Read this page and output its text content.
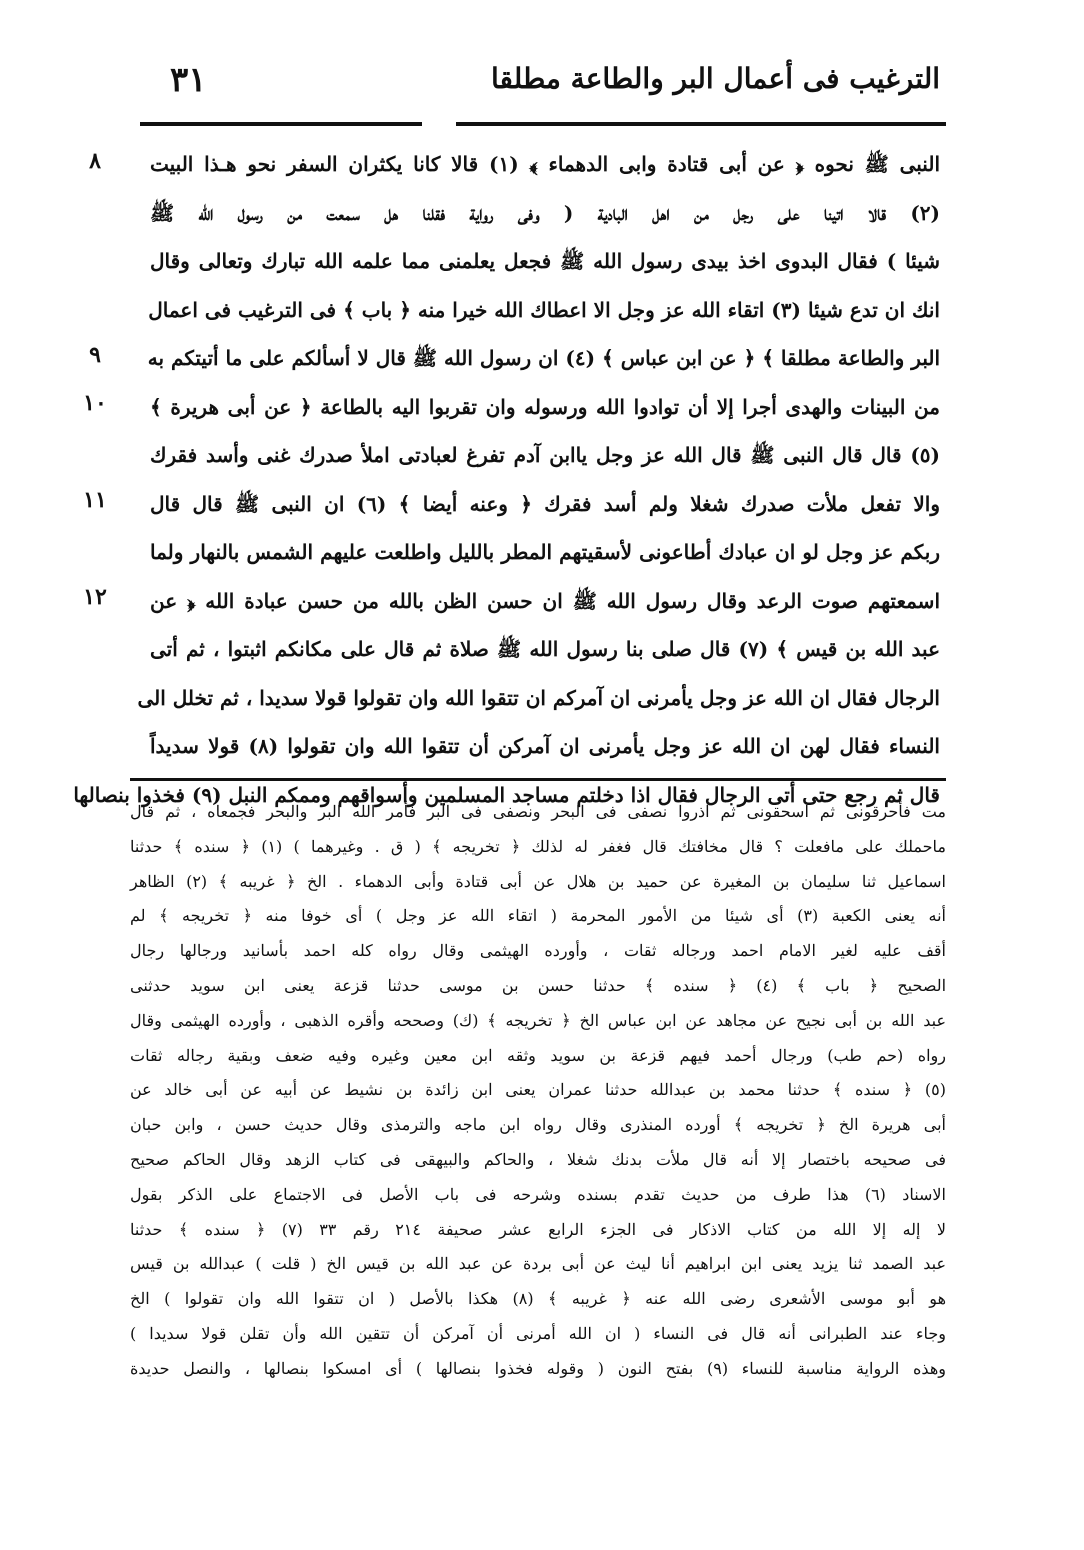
٣١	الترغيب فى أعمال البر والطاعة مطلقا
٨
٩
١٠
١١
١٢
النبى ﷺ نحوه ﴿ عن أبى قتادة وابى الدهماء ﴾ (١) قالا كانا يكثران السفر نحو هـذا البيت
(٢) قالا اتينا على رجل من اهل البادية ( وفى رواية فقلنا هل سمعت من رسول الله ﷺ
شيئا ) فقال البدوى اخذ بيدى رسول الله ﷺ فجعل يعلمنى مما علمه الله تبارك وتعالى وقال
انك ان تدع شيئا (٣) اتقاء الله عز وجل الا اعطاك الله خيرا منه ﴿ باب ﴾ فى الترغيب فى اعمال
البر والطاعة مطلقا ﴾ ﴿ عن ابن عباس ﴾ (٤) ان رسول الله ﷺ قال لا أسألكم على ما أتيتكم به
من البينات والهدى أجرا إلا أن توادوا الله ورسوله وان تقربوا اليه بالطاعة ﴿ عن أبى هريرة ﴾
(٥) قال قال النبى ﷺ قال الله عز وجل ياابن آدم تفرغ لعبادتى املأ صدرك غنى وأسد فقرك
والا تفعل ملأت صدرك شغلا ولم أسد فقرك ﴿ وعنه أيضا ﴾ (٦) ان النبى ﷺ قال قال
ربكم عز وجل لو ان عبادك أطاعونى لأسقيتهم المطر بالليل واطلعت عليهم الشمس بالنهار ولما
اسمعتهم صوت الرعد وقال رسول الله ﷺ ان حسن الظن بالله من حسن عبادة الله ﴿ عن
عبد الله بن قيس ﴾ (٧) قال صلى بنا رسول الله ﷺ صلاة ثم قال على مكانكم اثبتوا ، ثم أتى
الرجال فقال ان الله عز وجل يأمرنى ان آمركم ان تتقوا الله وان تقولوا قولا سديدا ، ثم تخلل الى
النساء فقال لهن ان الله عز وجل يأمرنى ان آمركن أن تتقوا الله وان تقولوا (٨) قولا سديداً
قال ثم رجع حتى أتى الرجال فقال اذا دخلتم مساجد المسلمين وأسواقهم وممكم النبل (٩) فخذوا بنصالها
مت فأحرقونى ثم اسحقونى ثم اذروا نصفى فى البحر ونصفى فى البر فأمر الله البر والبحر فجمعاه ، ثم قال
ماحملك على مافعلت ؟ قال مخافتك قال فغفر له لذلك ﴿ تخريجه ﴾ ( ق . وغيرهما ) (١) ﴿ سنده ﴾ حدثنا
اسماعيل ثنا سليمان بن المغيرة عن حميد بن هلال عن أبى قتادة وأبى الدهماء . الخ ﴿ غريبه ﴾ (٢) الظاهر
أنه يعنى الكعبة (٣) أى شيئا من الأمور المحرمة ( اتقاء الله عز وجل ) أى خوفا منه ﴿ تخريجه ﴾ لم
أقف عليه لغير الامام احمد ورجاله ثقات ، وأورده الهيثمى وقال رواه كله احمد بأسانيد ورجالها رجال
الصحيح ﴿ باب ﴾ (٤) ﴿ سنده ﴾ حدثنا حسن بن موسى حدثنا قزعة يعنى ابن سويد حدثنى
عبد الله بن أبى نجيح عن مجاهد عن ابن عباس الخ ﴿ تخريجه ﴾ (ك) وصححه وأقره الذهبى ، وأورده الهيثمى وقال
رواه (حم طب) ورجال أحمد فيهم قزعة بن سويد وثقه ابن معين وغيره وفيه ضعف وبقية رجاله ثقات
(٥) ﴿ سنده ﴾ حدثنا محمد بن عبدالله حدثنا عمران يعنى ابن زائدة بن نشيط عن أبيه عن أبى خالد عن
أبى هريرة الخ ﴿ تخريجه ﴾ أورده المنذرى وقال رواه ابن ماجه والترمذى وقال حديث حسن ، وابن حبان
فى صحيحه باختصار إلا أنه قال ملأت بدنك شغلا ، والحاكم والبيهقى فى كتاب الزهد وقال الحاكم صحيح
الاسناد (٦) هذا طرف من حديث تقدم بسنده وشرحه فى باب الأصل فى الاجتماع على الذكر بقول
لا إله إلا الله من كتاب الاذكار فى الجزء الرابع عشر صحيفة ٢١٤ رقم ٣٣ (٧) ﴿ سنده ﴾ حدثنا
عبد الصمد ثنا يزيد يعنى ابن ابراهيم أنا ليث عن أبى بردة عن عبد الله بن قيس الخ ( قلت ) عبدالله بن قيس
هو أبو موسى الأشعرى رضى الله عنه ﴿ غريبه ﴾ (٨) هكذا بالأصل ( ان تتقوا الله وان تقولوا ) الخ
وجاء عند الطبرانى أنه قال فى النساء ( ان الله أمرنى أن آمركن أن تتقين الله وأن تقلن قولا سديدا )
وهذه الرواية مناسبة للنساء (٩) بفتح النون ( وقوله فخذوا بنصالها ) أى امسكوا بنصالها ، والنصل حديدة
